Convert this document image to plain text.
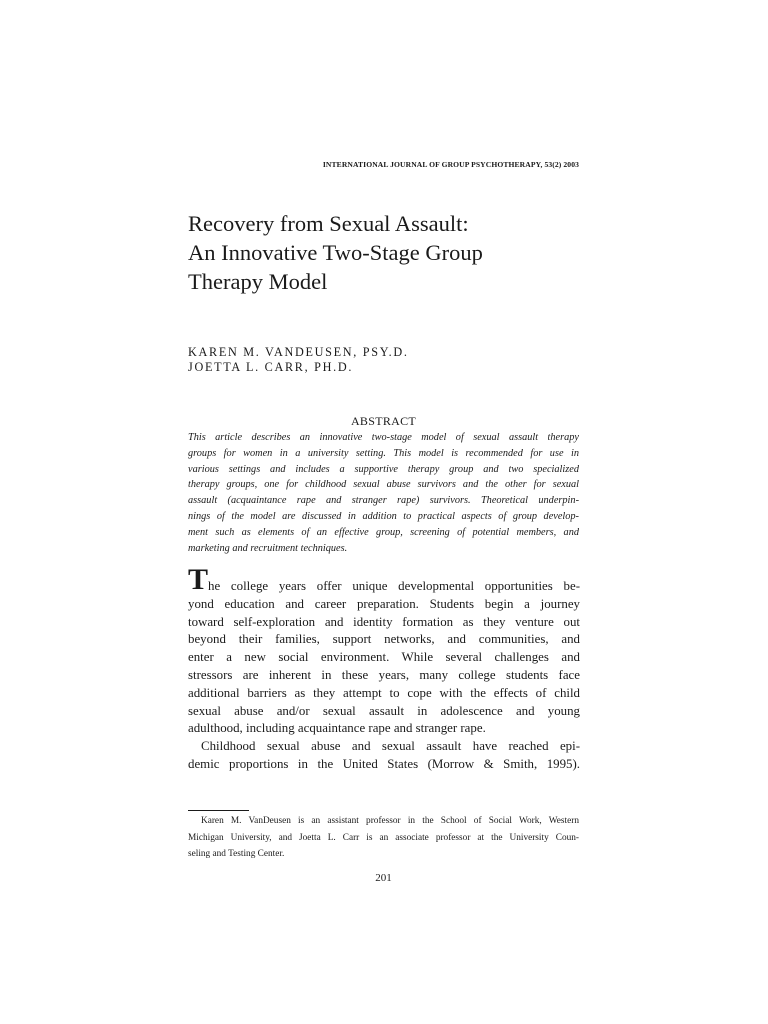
INTERNATIONAL JOURNAL OF GROUP PSYCHOTHERAPY, 53(2) 2003
Recovery from Sexual Assault:
An Innovative Two-Stage Group
Therapy Model
KAREN M. VANDEUSEN, PSY.D.
JOETTA L. CARR, PH.D.
ABSTRACT
This article describes an innovative two-stage model of sexual assault therapy
groups for women in a university setting. This model is recommended for use in
various settings and includes a supportive therapy group and two specialized
therapy groups, one for childhood sexual abuse survivors and the other for sexual
assault (acquaintance rape and stranger rape) survivors. Theoretical underpin-
nings of the model are discussed in addition to practical aspects of group develop-
ment such as elements of an effective group, screening of potential members, and
marketing and recruitment techniques.
T he college years offer unique developmental opportunities be-
yond education and career preparation. Students begin a journey
toward self-exploration and identity formation as they venture out
beyond their families, support networks, and communities, and
enter a new social environment. While several challenges and
stressors are inherent in these years, many college students face
additional barriers as they attempt to cope with the effects of child
sexual abuse and/or sexual assault in adolescence and young
adulthood, including acquaintance rape and stranger rape.
Childhood sexual abuse and sexual assault have reached epi-
demic proportions in the United States (Morrow & Smith, 1995).
Karen M. VanDeusen is an assistant professor in the School of Social Work, Western
Michigan University, and Joetta L. Carr is an associate professor at the University Coun-
seling and Testing Center.
201
